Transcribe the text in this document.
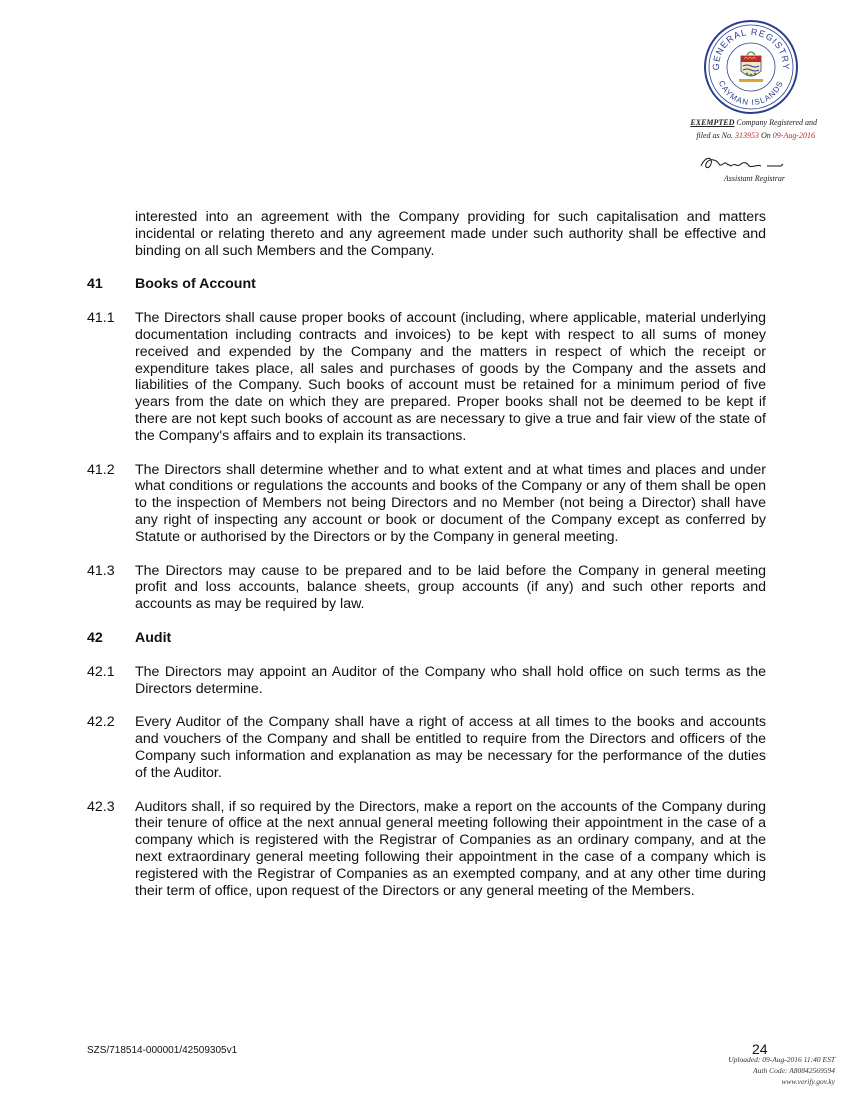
GENERAL REGISTRY
CAYMAN ISLANDS
EXEMPTED Company Registered and
filed as No. 313953 On 09-Aug-2016
Assistant Registrar

interested into an agreement with the Company providing for such capitalisation and matters incidental or relating thereto and any agreement made under such authority shall be effective and binding on all such Members and the Company.

41	Books of Account
41.1	The Directors shall cause proper books of account (including, where applicable, material underlying documentation including contracts and invoices) to be kept with respect to all sums of money received and expended by the Company and the matters in respect of which the receipt or expenditure takes place, all sales and purchases of goods by the Company and the assets and liabilities of the Company. Such books of account must be retained for a minimum period of five years from the date on which they are prepared. Proper books shall not be deemed to be kept if there are not kept such books of account as are necessary to give a true and fair view of the state of the Company's affairs and to explain its transactions.

41.2	The Directors shall determine whether and to what extent and at what times and places and under what conditions or regulations the accounts and books of the Company or any of them shall be open to the inspection of Members not being Directors and no Member (not being a Director) shall have any right of inspecting any account or book or document of the Company except as conferred by Statute or authorised by the Directors or by the Company in general meeting.

41.3	The Directors may cause to be prepared and to be laid before the Company in general meeting profit and loss accounts, balance sheets, group accounts (if any) and such other reports and accounts as may be required by law.

42	Audit
42.1	The Directors may appoint an Auditor of the Company who shall hold office on such terms as the Directors determine.

42.2	Every Auditor of the Company shall have a right of access at all times to the books and accounts and vouchers of the Company and shall be entitled to require from the Directors and officers of the Company such information and explanation as may be necessary for the performance of the duties of the Auditor.

42.3	Auditors shall, if so required by the Directors, make a report on the accounts of the Company during their tenure of office at the next annual general meeting following their appointment in the case of a company which is registered with the Registrar of Companies as an ordinary company, and at the next extraordinary general meeting following their appointment in the case of a company which is registered with the Registrar of Companies as an exempted company, and at any other time during their term of office, upon request of the Directors or any general meeting of the Members.

SZS/718514-000001/42509305v1	24
Uploaded: 09-Aug-2016 11:40 EST
Auth Code: A80842569594
www.verify.gov.ky
